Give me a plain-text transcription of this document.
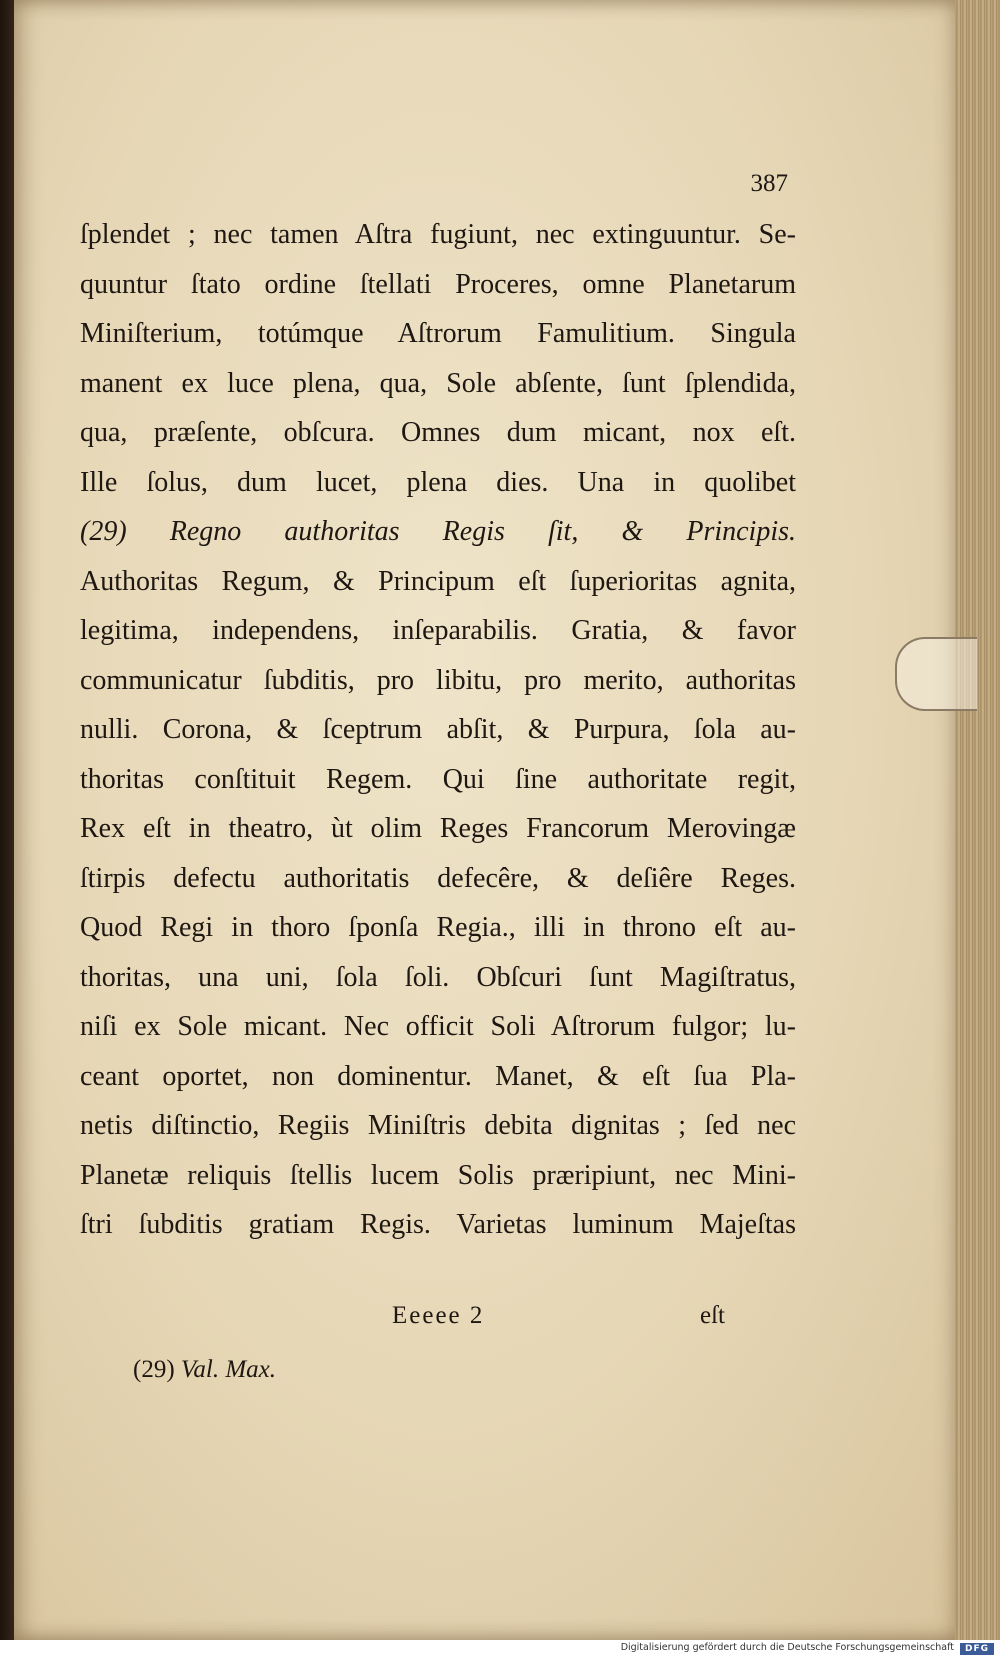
387

ſplendet ; nec tamen Aſtra fugiunt, nec extinguuntur. Se-
quuntur ſtato ordine ſtellati Proceres, omne Planetarum
Miniſterium, totúmque Aſtrorum Famulitium. Singula
manent ex luce plena, qua, Sole abſente, ſunt ſplendida,
qua, præſente, obſcura. Omnes dum micant, nox eſt.
Ille ſolus, dum lucet, plena dies. Una in quolibet
(29) Regno authoritas Regis ſit, & Principis.
Authoritas Regum, & Principum eſt ſuperioritas agnita,
legitima, independens, inſeparabilis. Gratia, & favor
communicatur ſubditis, pro libitu, pro merito, authoritas
nulli. Corona, & ſceptrum abſit, & Purpura, ſola au-
thoritas conſtituit Regem. Qui ſine authoritate regit,
Rex eſt in theatro, ùt olim Reges Francorum Merovingæ
ſtirpis defectu authoritatis defecêre, & deſiêre Reges.
Quod Regi in thoro ſponſa Regia., illi in throno eſt au-
thoritas, una uni, ſola ſoli. Obſcuri ſunt Magiſtratus,
niſi ex Sole micant. Nec officit Soli Aſtrorum fulgor; lu-
ceant oportet, non dominentur. Manet, & eſt ſua Pla-
netis diſtinctio, Regiis Miniſtris debita dignitas ; ſed nec
Planetæ reliquis ſtellis lucem Solis præripiunt, nec Mini-
ſtri ſubditis gratiam Regis. Varietas luminum Majeſtas
Eeeee 2	eſt
(29) Val. Max.
Digitalisierung gefördert durch die Deutsche Forschungsgemeinschaft	DFG
